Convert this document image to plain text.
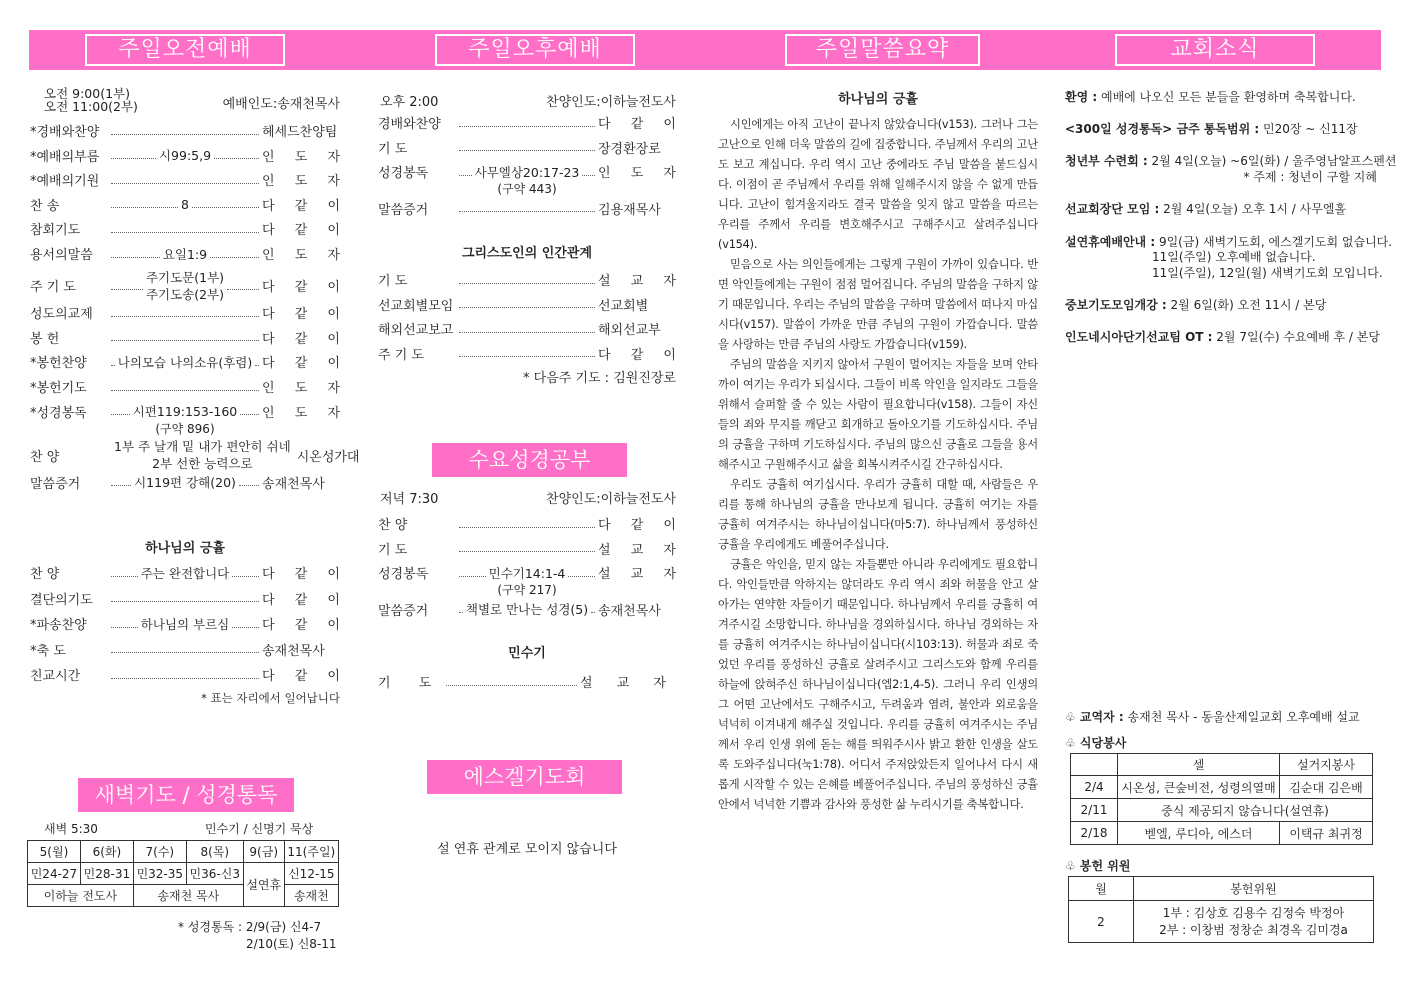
주일오전예배	주일오후예배	주일말씀요약	교회소식
오전 9:00(1부)
오전 11:00(2부)	예배인도:송재천목사
*경배와찬양	헤세드찬양팀
*예배의부름	시99:5,9	인 도 자
*예배의기원	인 도 자
찬 송	8	다 같 이
참회기도	다 같 이
용서의말씀	요일1:9	인 도 자
주 기 도
주기도문(1부)
주기도송(2부)	다 같 이
성도의교제	다 같 이
봉 헌	다 같 이
*봉헌찬양	나의모습 나의소유(후렴) 다 같 이
*봉헌기도	인 도 자
*성경봉독	시편119:153-160 인 도 자
(구약 896)
찬 양
1부 주 날개 밑 내가 편안히 쉬네
2부 선한 능력으로	시온성가대
말씀증거	시119편 강해(20) 송재천목사
하나님의 긍휼
찬 양	주는 완전합니다	다 같 이
결단의기도	다 같 이
*파송찬양	하나님의 부르심	다 같 이
*축 도	송재천목사
친교시간	다 같 이
* 표는 자리에서 일어납니다
오후 2:00	찬양인도:이하늘전도사
경배와찬양	다 같 이
기 도	장경환장로
성경봉독	사무엘상20:17-23 인 도 자
(구약 443)
말씀증거	김용재목사
그리스도인의 인간관계
기 도	설 교 자
선교회별모임	선교회별
해외선교보고	해외선교부
주 기 도	다 같 이
* 다음주 기도 : 김원진장로
수요성경공부
저녁 7:30	찬양인도:이하늘전도사
찬 양	다 같 이
기 도	설 교 자
성경봉독	민수기14:1-4	설 교 자
(구약 217)
말씀증거	책별로 만나는 성경(5) 송재천목사
민수기
기 도	설 교 자
에스겔기도회
설 연휴 관계로 모이지 않습니다
새벽기도 / 성경통독
새벽 5:30	민수기 / 신명기 묵상
5(월)	6(화)	7(수)	8(목)	9(금)	11(주일)
민24-27	민28-31	민32-35	민36-신3	설연휴	신12-15
이하늘 전도사		송재천 목사			송재천
* 성경통독 : 2/9(금) 신4-7
2/10(토) 신8-11
하나님의 긍휼

시인에게는 아직 고난이 끝나지 않았습니다(v153). 그러나 그는 고난으로 인해 더욱 말씀의 길에 집중합니다. 주님께서 우리의 고난도 보고 계십니다. 우리 역시 고난 중에라도 주님 말씀을 붙드십시다. 이점이 곧 주님께서 우리를 위해 일해주시지 않을 수 없게 만듭니다. 고난이 힘겨울지라도 결국 말씀을 잊지 않고 말씀을 따르는 우리를 주께서 우리를 변호해주시고 구해주시고 살려주십니다(v154).

믿음으로 사는 의인들에게는 그렇게 구원이 가까이 있습니다. 반면 악인들에게는 구원이 점점 멀어집니다. 주님의 말씀을 구하지 않기 때문입니다. 우리는 주님의 말씀을 구하며 말씀에서 떠나지 마십시다(v157). 말씀이 가까운 만큼 주님의 구원이 가깝습니다. 말씀을 사랑하는 만큼 주님의 사랑도 가깝습니다(v159).

주님의 말씀을 지키지 않아서 구원이 멀어지는 자들을 보며 안타까이 여기는 우리가 되십시다. 그들이 비록 악인을 일지라도 그들을 위해서 슬퍼할 줄 수 있는 사람이 필요합니다(v158). 그들이 자신들의 죄와 무지를 깨닫고 회개하고 돌아오기를 기도하십시다. 주님의 긍휼을 구하며 기도하십시다. 주님의 많으신 긍휼로 그들을 용서해주시고 구원해주시고 삶을 회복시켜주시길 간구하십시다.

우리도 긍휼히 여기십시다. 우리가 긍휼히 대할 때, 사람들은 우리를 통해 하나님의 긍휼을 만나보게 됩니다. 긍휼히 여기는 자를 긍휼히 여겨주시는 하나님이십니다(마5:7). 하나님께서 풍성하신 긍휼을 우리에게도 베풀어주십니다.

긍휼은 악인을, 믿지 않는 자들뿐만 아니라 우리에게도 필요합니다. 악인들만큼 악하지는 않더라도 우리 역시 죄와 허물을 안고 살아가는 연약한 자들이기 때문입니다. 하나님께서 우리를 긍휼히 여겨주시길 소망합니다. 하나님을 경외하십시다. 하나님 경외하는 자를 긍휼히 여겨주시는 하나님이십니다(시103:13). 허물과 죄로 죽었던 우리를 풍성하신 긍휼로 살려주시고 그리스도와 함께 우리를 하늘에 앉혀주신 하나님이십니다(엡2:1,4-5). 그러니 우리 인생의 그 어떤 고난에서도 구해주시고, 두려움과 염려, 불안과 외로움을 넉넉히 이겨내게 해주실 것입니다. 우리를 긍휼히 여겨주시는 주님께서 우리 인생 위에 돋는 해를 띄워주시사 밝고 환한 인생을 살도록 도와주십니다(눅1:78). 어디서 주저앉았든지 일어나서 다시 새롭게 시작할 수 있는 은혜를 베풀어주십니다. 주님의 풍성하신 긍휼 안에서 넉넉한 기쁨과 감사와 풍성한 삶 누리시기를 축복합니다.

환영 : 예배에 나오신 모든 분들을 환영하며 축복합니다.
<300일 성경통독> 금주 통독범위 : 민20장 ~ 신11장
청년부 수련회 : 2월 4일(오늘) ~6일(화) / 울주영남알프스펜션
* 주제 : 청년이 구할 지혜
선교회장단 모임 : 2월 4일(오늘) 오후 1시 / 사무엘홀
설연휴예배안내 : 9일(금) 새벽기도회, 에스겔기도회 없습니다.
11일(주일) 오후예배 없습니다.
11일(주일), 12일(월) 새벽기도회 모입니다.
중보기도모임개강 : 2월 6일(화) 오전 11시 / 본당
인도네시아단기선교팀 OT : 2월 7일(수) 수요예배 후 / 본당
♧ 교역자 : 송재천 목사 - 동울산제일교회 오후예배 설교
♧ 식당봉사
	셀	설거지봉사
2/4	시온성, 큰숲비전, 성령의열매	김순대 김은배
2/11	중식 제공되지 않습니다(설연휴)	
2/18	벧엘, 루디아, 에스더	이택규 최귀정
♧ 봉헌 위원
월	봉헌위원
2	1부 : 김상호 김용수 김정숙 박정아
2부 : 이창범 정창순 최경옥 김미경a
